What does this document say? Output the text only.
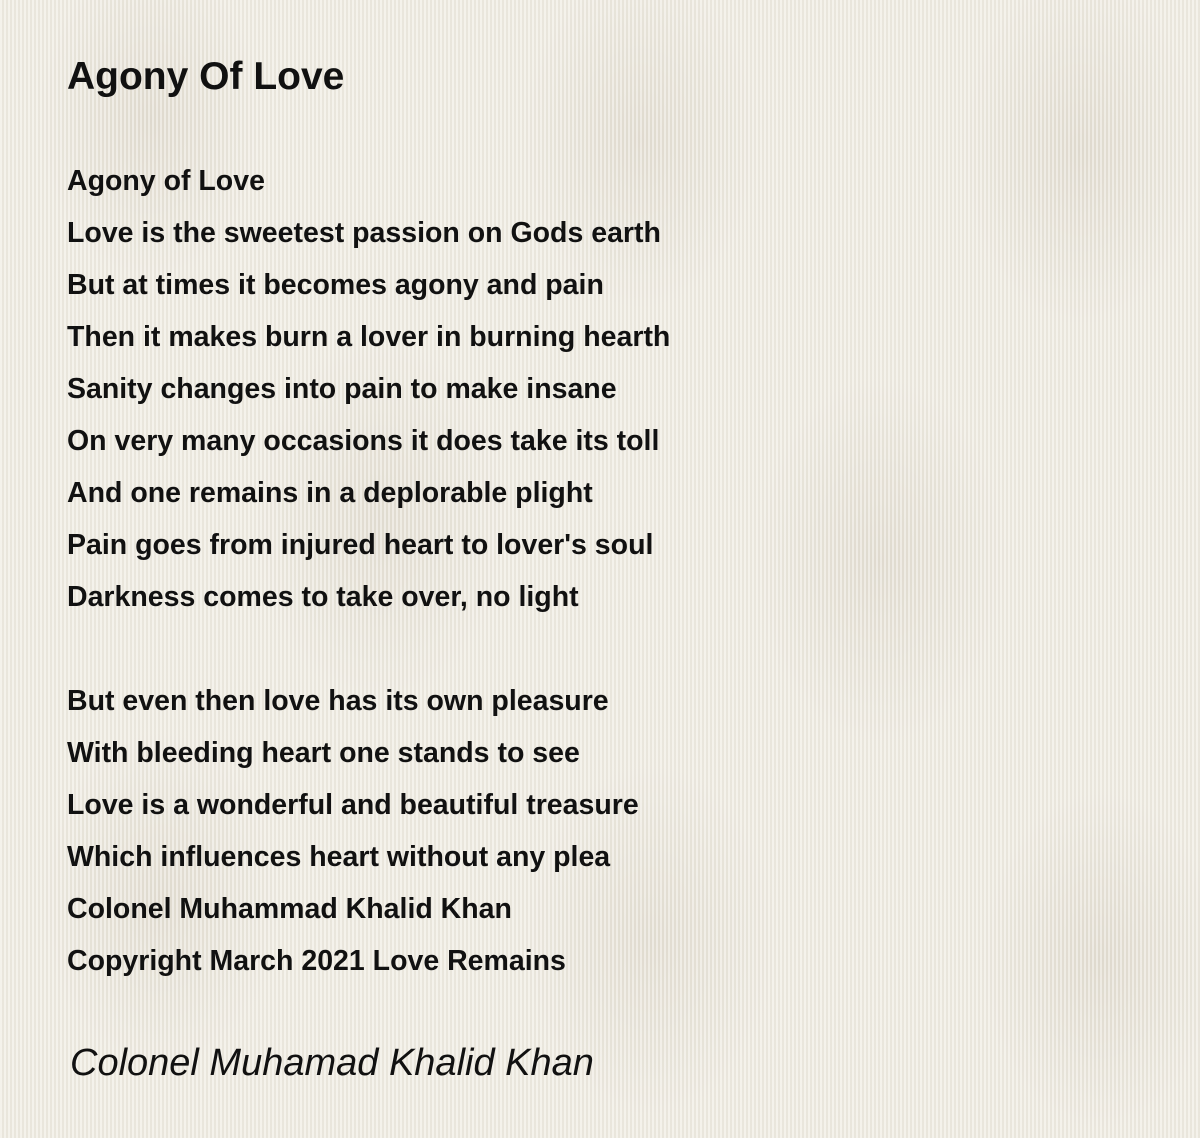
Agony Of Love
Agony of Love
Love is the sweetest passion on Gods earth
But at times it becomes agony and pain
Then it makes burn a lover in burning hearth
Sanity changes into pain to make insane
On very many occasions it does take its toll
And one remains in a deplorable plight
Pain goes from injured heart to lover's soul
Darkness comes to take over, no light
But even then love has its own pleasure
With bleeding heart one stands to see
Love is a wonderful and beautiful treasure
Which influences heart without any plea
Colonel Muhammad Khalid Khan
Copyright March 2021 Love Remains
Colonel Muhamad Khalid Khan
